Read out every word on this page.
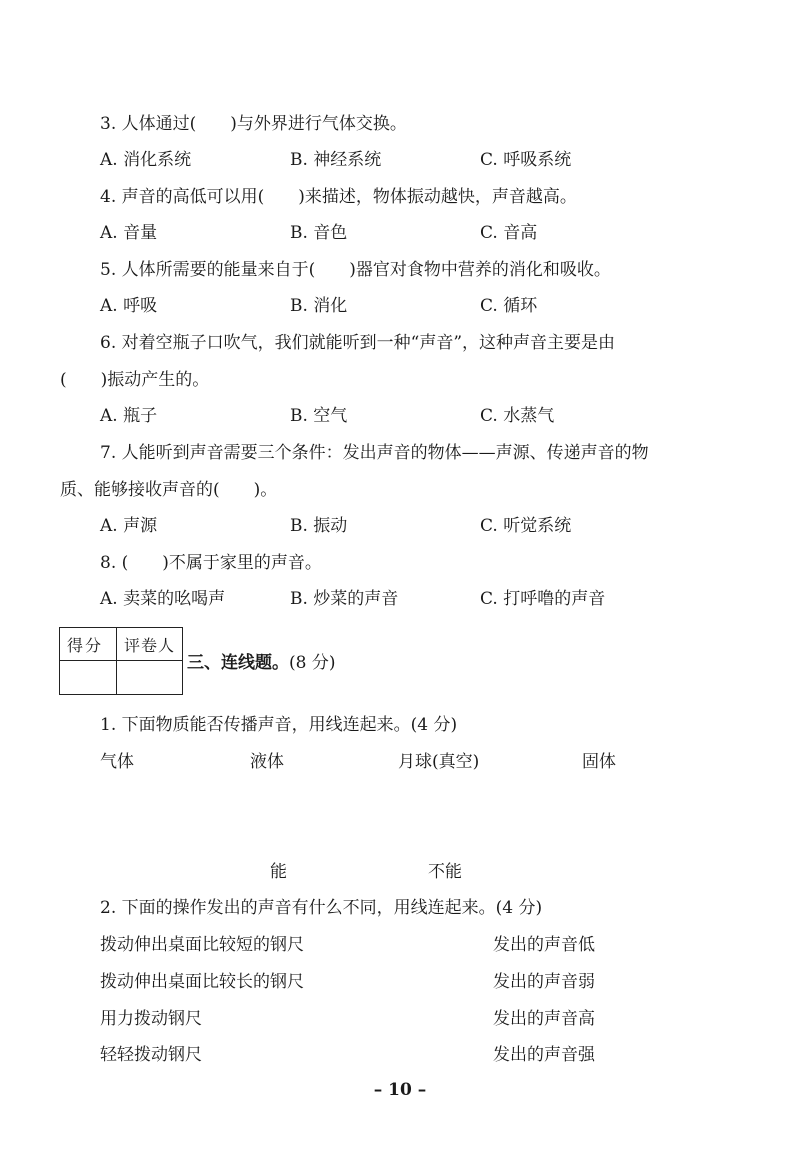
3. 人体通过(　　)与外界进行气体交换。
A. 消化系统	B. 神经系统	C. 呼吸系统
4. 声音的高低可以用(　　)来描述，物体振动越快，声音越高。
A. 音量	B. 音色	C. 音高
5. 人体所需要的能量来自于(　　)器官对食物中营养的消化和吸收。
A. 呼吸	B. 消化	C. 循环
6. 对着空瓶子口吹气，我们就能听到一种“声音”，这种声音主要是由
(　　)振动产生的。
A. 瓶子	B. 空气	C. 水蒸气
7. 人能听到声音需要三个条件：发出声音的物体——声源、传递声音的物
质、能够接收声音的(　　)。
A. 声源	B. 振动	C. 听觉系统
8. (　　)不属于家里的声音。
A. 卖菜的吆喝声	B. 炒菜的声音	C. 打呼噜的声音
得分 评卷人
三、连线题。(8 分)
1. 下面物质能否传播声音，用线连起来。(4 分)
气体	液体	月球(真空)	固体
能	不能
2. 下面的操作发出的声音有什么不同，用线连起来。(4 分)
拨动伸出桌面比较短的钢尺	发出的声音低
拨动伸出桌面比较长的钢尺	发出的声音弱
用力拨动钢尺	发出的声音高
轻轻拨动钢尺	发出的声音强
– 10 –
